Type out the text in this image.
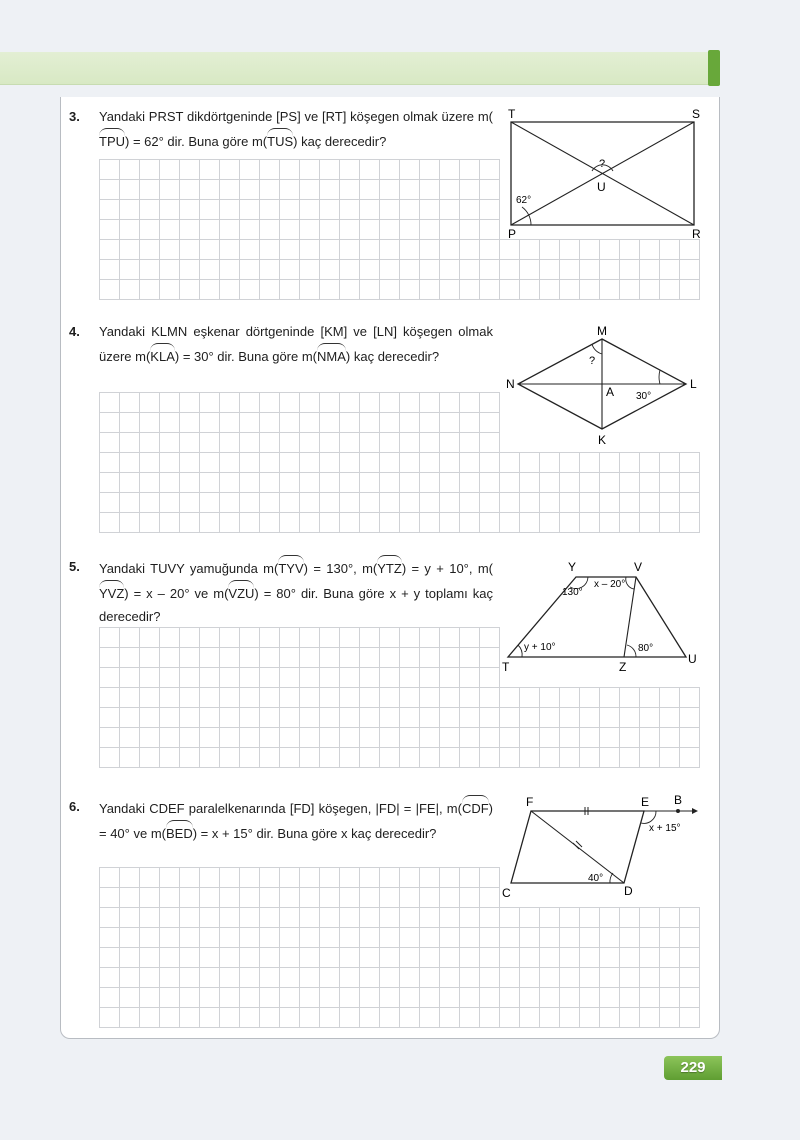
3. Yandaki PRST dikdörtgeninde [PS] ve [RT] köşegen olmak üzere m(TPU) = 62° dir. Buna göre m(TUS) kaç derecedir?
T	S
P	R
U
?
62°
4. Yandaki KLMN eşkenar dörtgeninde [KM] ve [LN] köşegen olmak üzere m(KLA) = 30° dir. Buna göre m(NMA) kaç derecedir?
M
N	L
K
A
?
30°
5. Yandaki TUVY yamuğunda m(TYV) = 130°, m(YTZ) = y + 10°, m(YVZ) = x – 20° ve m(VZU) = 80° dir. Buna göre x + y toplamı kaç derecedir?
Y	V
T	Z
U
130°
x – 20°
y + 10°	80°
6. Yandaki CDEF paralelkenarında [FD] köşegen, |FD| = |FE|, m(CDF) = 40° ve m(BED) = x + 15° dir. Buna göre x kaç derecedir?
F	E B
C	D
x + 15°
40°
229
